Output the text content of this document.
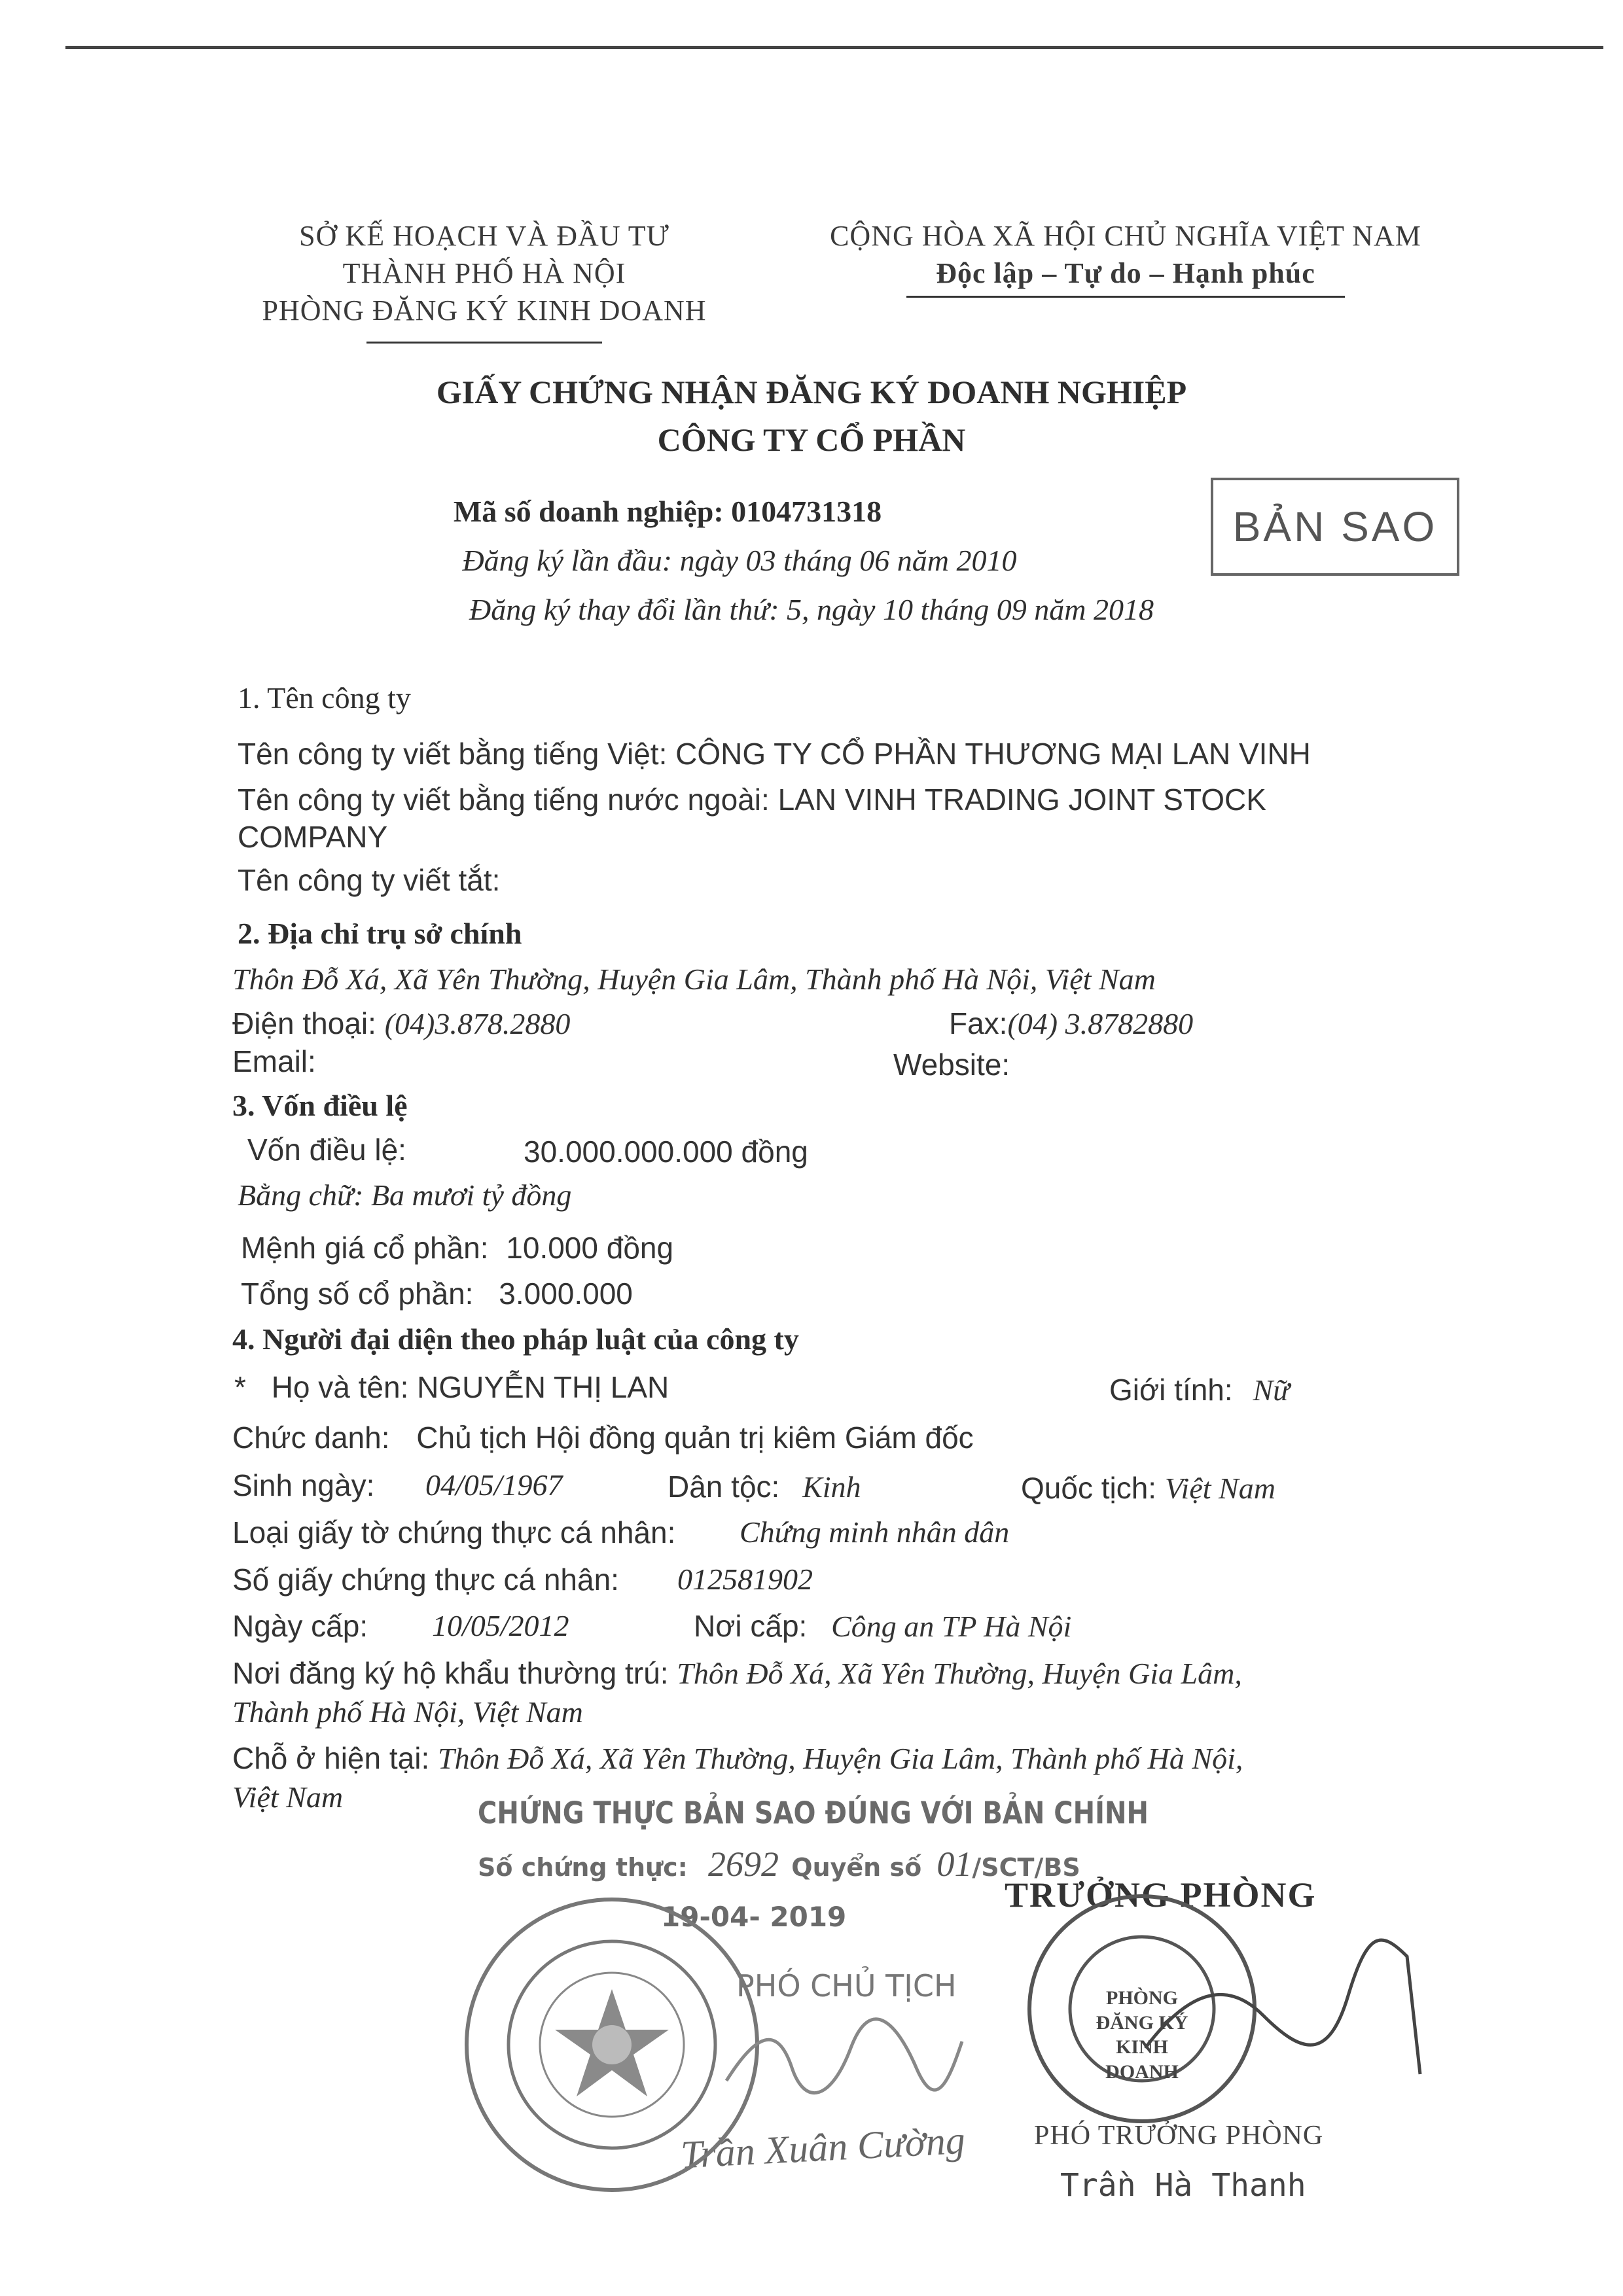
SỞ KẾ HOẠCH VÀ ĐẦU TƯ
THÀNH PHỐ HÀ NỘI
PHÒNG ĐĂNG KÝ KINH DOANH
CỘNG HÒA XÃ HỘI CHỦ NGHĨA VIỆT NAM
Độc lập – Tự do – Hạnh phúc
GIẤY CHỨNG NHẬN ĐĂNG KÝ DOANH NGHIỆP
CÔNG TY CỔ PHẦN
BẢN SAO
Mã số doanh nghiệp: 0104731318
Đăng ký lần đầu: ngày 03 tháng 06 năm 2010
Đăng ký thay đổi lần thứ: 5, ngày 10 tháng 09 năm 2018
1. Tên công ty
Tên công ty viết bằng tiếng Việt: CÔNG TY CỔ PHẦN THƯƠNG MẠI LAN VINH
Tên công ty viết bằng tiếng nước ngoài: LAN VINH TRADING JOINT STOCK
COMPANY
Tên công ty viết tắt:
2. Địa chỉ trụ sở chính
Thôn Đỗ Xá, Xã Yên Thường, Huyện Gia Lâm, Thành phố Hà Nội, Việt Nam
Điện thoại: (04)3.878.2880	Fax:(04) 3.8782880
Email:	Website:
3. Vốn điều lệ
Vốn điều lệ:	30.000.000.000 đồng
Bằng chữ: Ba mươi tỷ đồng
Mệnh giá cổ phần: 10.000 đồng
Tổng số cổ phần: 3.000.000
4. Người đại diện theo pháp luật của công ty
* Họ và tên: NGUYỄN THỊ LAN	Giới tính: Nữ
Chức danh: Chủ tịch Hội đồng quản trị kiêm Giám đốc
Sinh ngày: 04/05/1967	Dân tộc: Kinh	Quốc tịch: Việt Nam
Loại giấy tờ chứng thực cá nhân: Chứng minh nhân dân
Số giấy chứng thực cá nhân: 012581902
Ngày cấp: 10/05/2012	Nơi cấp: Công an TP Hà Nội
Nơi đăng ký hộ khẩu thường trú: Thôn Đỗ Xá, Xã Yên Thường, Huyện Gia Lâm,
Thành phố Hà Nội, Việt Nam
Chỗ ở hiện tại: Thôn Đỗ Xá, Xã Yên Thường, Huyện Gia Lâm, Thành phố Hà Nội,
Việt Nam	CHỨNG THỰC BẢN SAO ĐÚNG VỚI BẢN CHÍNH
Số chứng thực: 2692 Quyển số 01/SCT/BS
19-04- 2019
PHÓ CHỦ TỊCH
Trần Xuân Cường
TRƯỞNG PHÒNG
PHÒNG ĐĂNG KÝ KINH DOANH
PHÓ TRƯỞNG PHÒNG
Trần Hà Thanh
